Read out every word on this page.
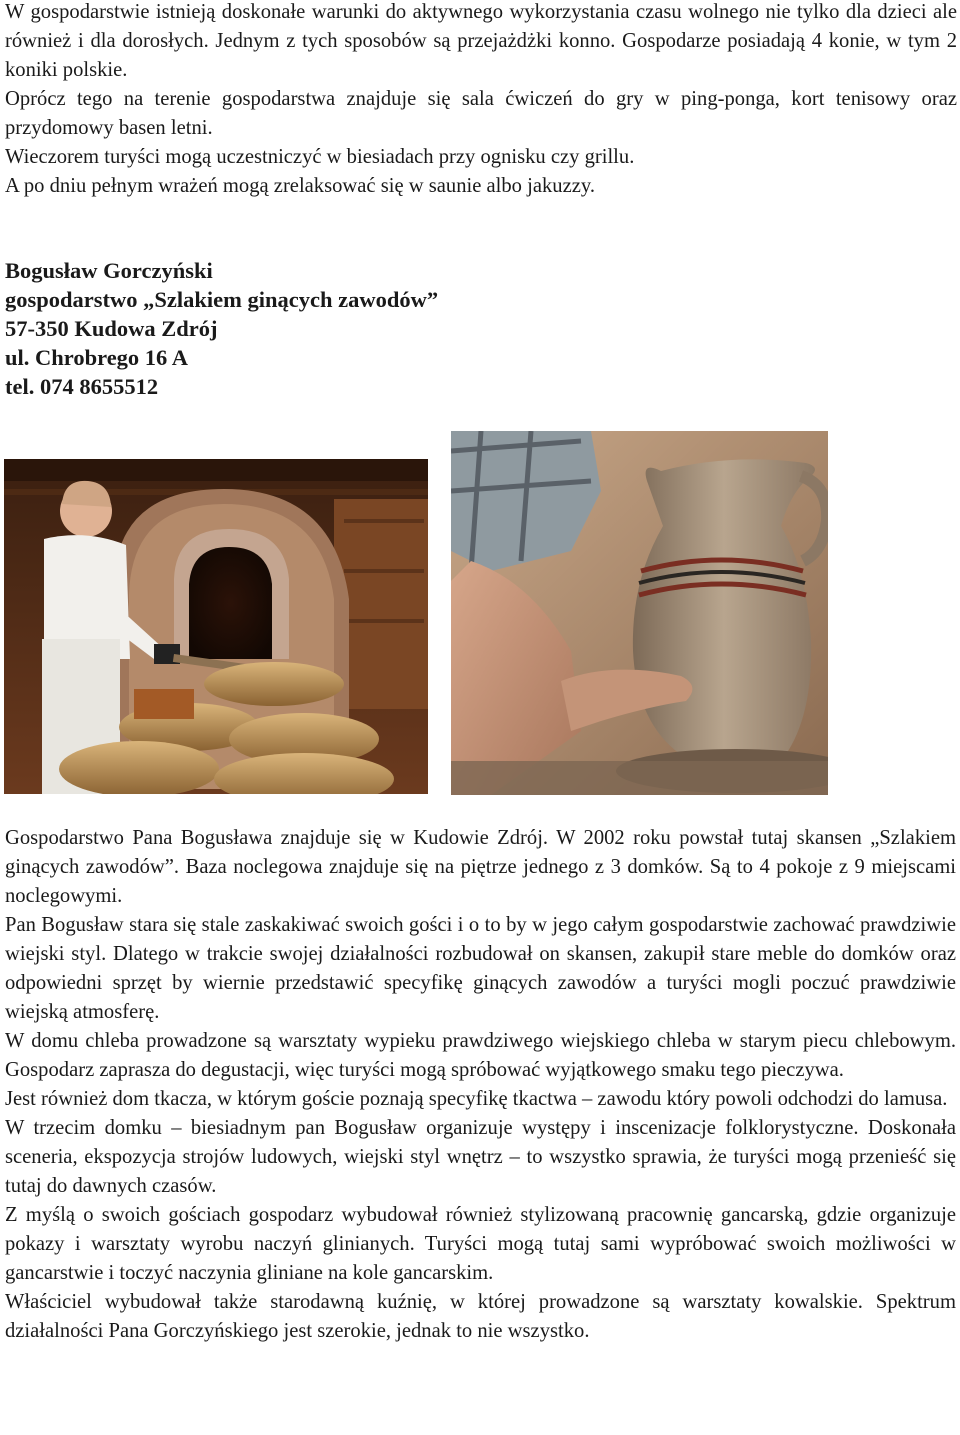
W gospodarstwie istnieją doskonałe warunki do aktywnego wykorzystania czasu wolnego nie tylko dla dzieci ale również i dla dorosłych. Jednym z tych sposobów są przejażdżki konno. Gospodarze posiadają 4 konie, w tym 2 koniki polskie.

Oprócz tego na terenie gospodarstwa znajduje się sala ćwiczeń do gry w ping-ponga, kort tenisowy oraz przydomowy basen letni.

Wieczorem turyści mogą uczestniczyć w biesiadach przy ognisku czy grillu.

A po dniu pełnym wrażeń mogą zrelaksować się w saunie albo jakuzzy.

Bogusław Gorczyński
gospodarstwo „Szlakiem ginących zawodów”
57-350 Kudowa Zdrój
ul. Chrobrego 16 A
tel. 074 8655512

Gospodarstwo Pana Bogusława znajduje się w Kudowie Zdrój. W 2002 roku powstał tutaj skansen „Szlakiem ginących zawodów”. Baza noclegowa znajduje się na piętrze jednego z 3 domków. Są to 4 pokoje z 9 miejscami noclegowymi.

Pan Bogusław stara się stale zaskakiwać swoich gości i o to by w jego całym gospodarstwie zachować prawdziwie wiejski styl. Dlatego w trakcie swojej działalności rozbudował on skansen, zakupił stare meble do domków oraz odpowiedni sprzęt by wiernie przedstawić specyfikę ginących zawodów a turyści mogli poczuć prawdziwie wiejską atmosferę.

W domu chleba prowadzone są warsztaty wypieku prawdziwego wiejskiego chleba w starym piecu chlebowym. Gospodarz zaprasza do degustacji, więc turyści mogą spróbować wyjątkowego smaku tego pieczywa.

Jest również dom tkacza, w którym goście poznają specyfikę tkactwa – zawodu który powoli odchodzi do lamusa.

W trzecim domku – biesiadnym pan Bogusław organizuje występy i inscenizacje folklorystyczne. Doskonała sceneria, ekspozycja strojów ludowych, wiejski styl wnętrz – to wszystko sprawia, że turyści mogą przenieść się tutaj do dawnych czasów.

Z myślą o swoich gościach gospodarz wybudował również stylizowaną pracownię gancarską, gdzie organizuje pokazy i warsztaty wyrobu naczyń glinianych. Turyści mogą tutaj sami wypróbować swoich możliwości w gancarstwie i toczyć naczynia gliniane na kole gancarskim.

Właściciel wybudował także starodawną kuźnię, w której prowadzone są warsztaty kowalskie. Spektrum działalności Pana Gorczyńskiego jest szerokie, jednak to nie wszystko.
